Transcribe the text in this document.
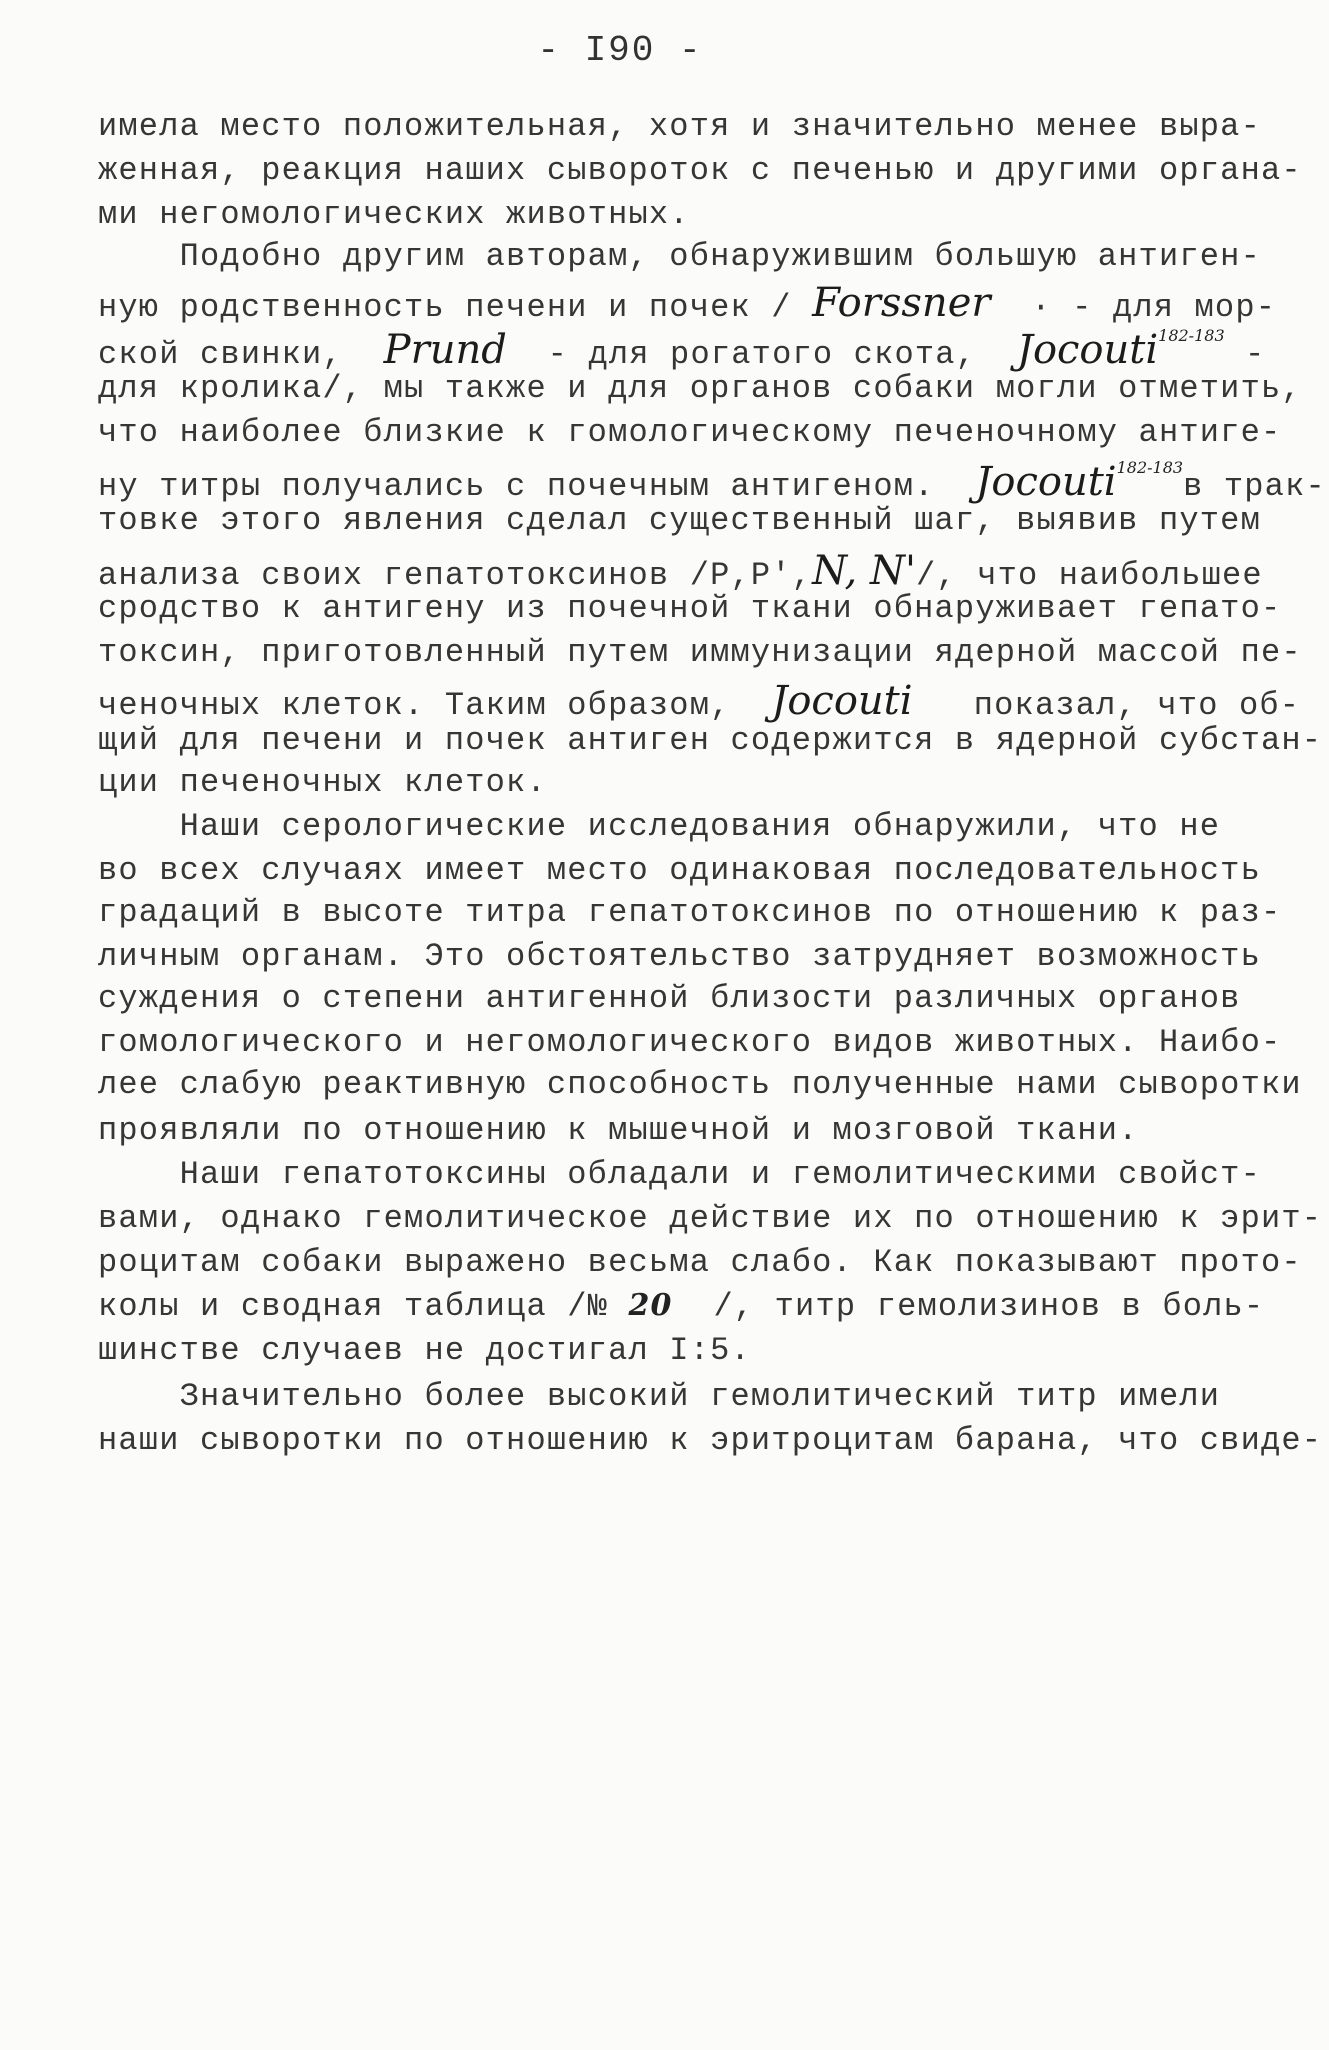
- I90 -
имела место положительная, хотя и значительно менее выра-
женная, реакция наших сывороток с печенью и другими органа-
ми негомологических животных.
Подобно другим авторам, обнаружившим большую антиген-
ную родственность печени и почек / Forssner  · - для мор-
ской свинки,  Prund  - для рогатого скота,  Jocouti$^{182-183}$ -
для кролика/, мы также и для органов собаки могли отметить,
что наиболее близкие к гомологическому печеночному антиге-
ну титры получались с почечным антигеном.  Jocouti$^{182-183}$в трак-
товке этого явления сделал существенный шаг, выявив путем
анализа своих гепатотоксинов /P,P',N, N'/, что наибольшее
сродство к антигену из почечной ткани обнаруживает гепато-
токсин, приготовленный путем иммунизации ядерной массой пе-
ченочных клеток. Таким образом,  Jocouti   показал, что об-
щий для печени и почек антиген содержится в ядерной субстан-
ции печеночных клеток.
Наши серологические исследования обнаружили, что не
во всех случаях имеет место одинаковая последовательность
градаций в высоте титра гепатотоксинов по отношению к раз-
личным органам. Это обстоятельство затрудняет возможность
суждения о степени антигенной близости различных органов
гомологического и негомологического видов животных. Наибо-
лее слабую реактивную способность полученные нами сыворотки
проявляли по отношению к мышечной и мозговой ткани.
Наши гепатотоксины обладали и гемолитическими свойст-
вами, однако гемолитическое действие их по отношению к эрит-
роцитам собаки выражено весьма слабо. Как показывают прото-
колы и сводная таблица /№ 20  /, титр гемолизинов в боль-
шинстве случаев не достигал I:5.
Значительно более высокий гемолитический титр имели
наши сыворотки по отношению к эритроцитам барана, что свиде-
